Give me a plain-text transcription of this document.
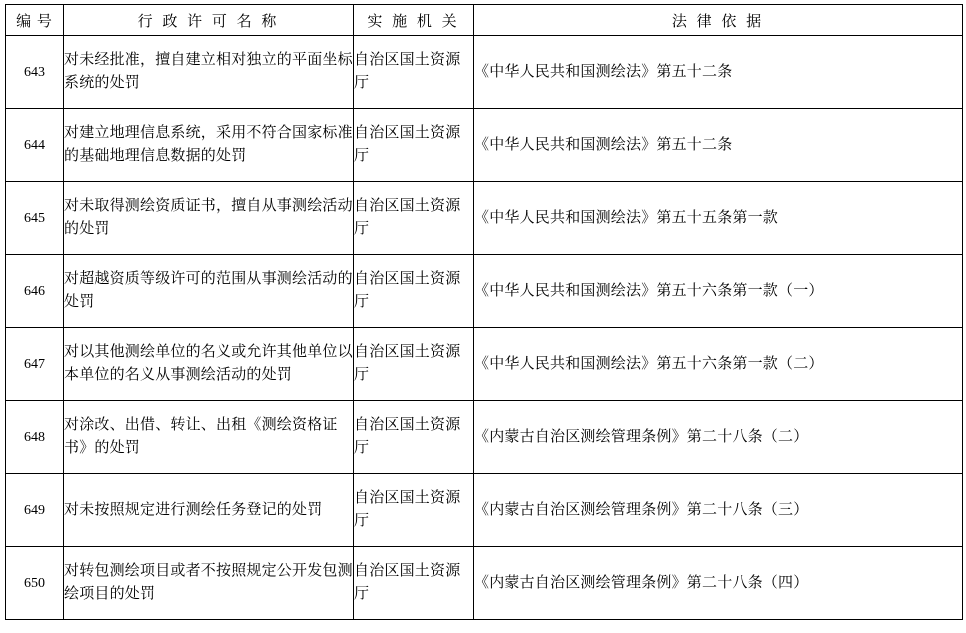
编 号	行 政 许 可 名 称	实 施 机 关	法 律 依 据
643	对未经批准，擅自建立相对独立的平面坐标系统的处罚	自治区国土资源厅	《中华人民共和国测绘法》第五十二条
644	对建立地理信息系统，采用不符合国家标准的基础地理信息数据的处罚	自治区国土资源厅	《中华人民共和国测绘法》第五十二条
645	对未取得测绘资质证书，擅自从事测绘活动的处罚	自治区国土资源厅	《中华人民共和国测绘法》第五十五条第一款
646	对超越资质等级许可的范围从事测绘活动的处罚	自治区国土资源厅	《中华人民共和国测绘法》第五十六条第一款（一）
647	对以其他测绘单位的名义或允许其他单位以本单位的名义从事测绘活动的处罚	自治区国土资源厅	《中华人民共和国测绘法》第五十六条第一款（二）
648	对涂改、出借、转让、出租《测绘资格证书》的处罚	自治区国土资源厅	《内蒙古自治区测绘管理条例》第二十八条（二）
649	对未按照规定进行测绘任务登记的处罚	自治区国土资源厅	《内蒙古自治区测绘管理条例》第二十八条（三）
650	对转包测绘项目或者不按照规定公开发包测绘项目的处罚	自治区国土资源厅	《内蒙古自治区测绘管理条例》第二十八条（四）
